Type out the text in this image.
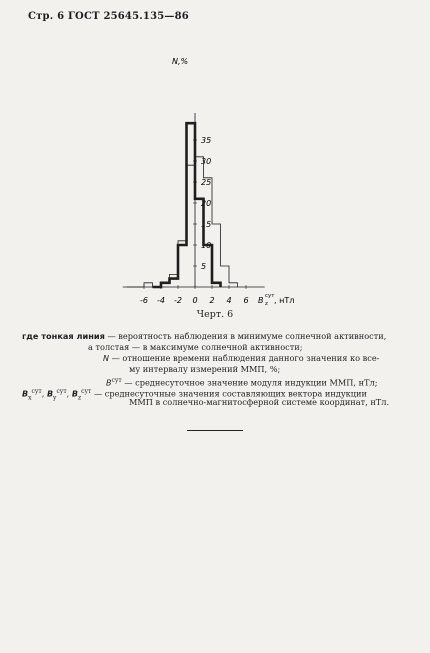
Стр. 6 ГОСТ 25645.135—86
5
10
15
20
25
30
35
-6 -4 -2 0 2 4 6
N,%
B сут
z , нТл
Черт. 6
где тонкая линия — вероятность наблюдения в минимуме солнечной активности,
а толстая — в максимуме солнечной активности;
N — отношение времени наблюдения данного значения ко все-
му интервалу измерений ММП, %;
$B^{сут}$ — среднесуточное значение модуля индукции ММП, нТл;
$B_x^{сут}$, $B_y^{сут}$, $B_z^{сут}$ — среднесуточные значения составляющих вектора индукции
ММП в солнечно-магнитосферной системе координат, нТл.
